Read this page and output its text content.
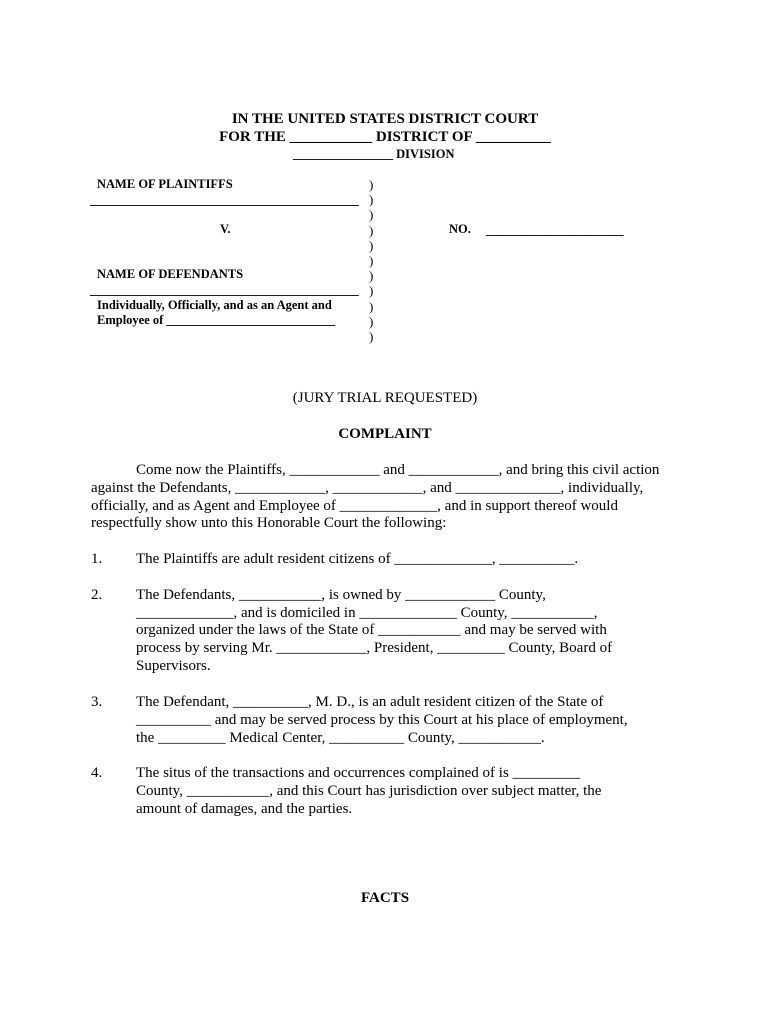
IN THE UNITED STATES DISTRICT COURT
FOR THE ___________ DISTRICT OF __________
________________ DIVISION
NAME OF PLAINTIFFS
___________________________________________
V.	NO. ______________________
NAME OF DEFENDANTS
___________________________________________
Individually, Officially, and as an Agent and
Employee of ___________________________
)
)
)
)
)
)
)
)
)
)
)
(JURY TRIAL REQUESTED)
COMPLAINT
Come now the Plaintiffs, ____________ and ____________, and bring this civil action
against the Defendants, ____________, ____________, and ______________, individually,
officially, and as Agent and Employee of _____________, and in support thereof would
respectfully show unto this Honorable Court the following:
1. The Plaintiffs are adult resident citizens of _____________, __________.
2. The Defendants, ___________, is owned by ____________ County,
_____________, and is domiciled in _____________ County, ___________,
organized under the laws of the State of ___________ and may be served with
process by serving Mr. ____________, President, _________ County, Board of
Supervisors.
3. The Defendant, __________, M. D., is an adult resident citizen of the State of
__________ and may be served process by this Court at his place of employment,
the _________ Medical Center, __________ County, ___________.
4. The situs of the transactions and occurrences complained of is _________
County, ___________, and this Court has jurisdiction over subject matter, the
amount of damages, and the parties.
FACTS
